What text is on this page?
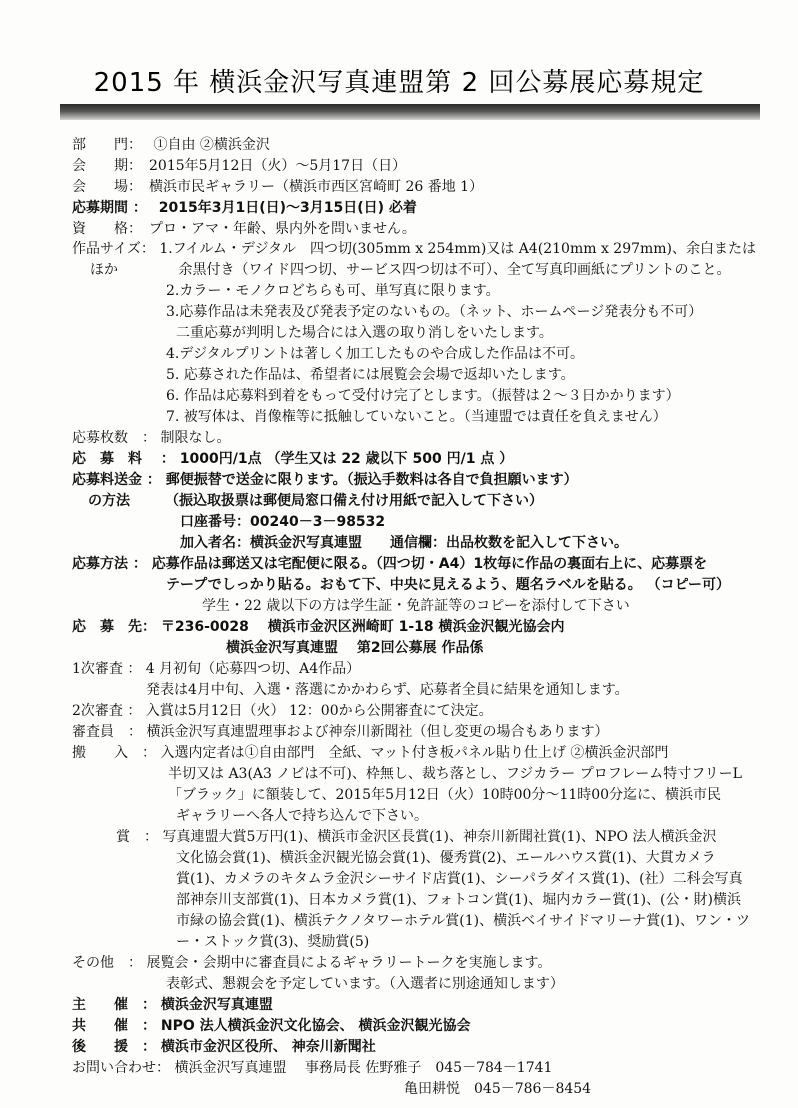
2015 年 横浜金沢写真連盟第 2 回公募展応募規定
部　　門：　 ①自由 ②横浜金沢
会　　期：　2015年5月12日（火）～5月17日（日）
会　　場：　横浜市民ギャラリー（横浜市西区宮崎町 26 番地 1）
応募期間 ：　 2015年3月1日(日)～3月15日(日) 必着
資　　格：　プロ・アマ・年齢、県内外を問いません。
作品サイズ： 1.フイルム・デジタル　四つ切(305mm x 254mm)又は A4(210mm x 297mm)、余白または
ほか　　　　 余黒付き（ワイド四つ切、サービス四つ切は不可）、全て写真印画紙にプリントのこと。
2.カラー・モノクロどちらも可、単写真に限ります。
3.応募作品は未発表及び発表予定のないもの。（ネット、ホームページ発表分も不可）
二重応募が判明した場合には入選の取り消しをいたします。
4.デジタルプリントは著しく加工したものや合成した作品は不可。
5. 応募された作品は、希望者には展覧会会場で返却いたします。
6. 作品は応募料到着をもって受付け完了とします。（振替は２～３日かかります）
7. 被写体は、肖像権等に抵触していないこと。（当連盟では責任を負えません）
応募枚数　： 制限なし。
応　募　料　 ： 1000円/1点 （学生又は 22 歳以下 500 円/1 点 ）
応募料送金 ： 郵便振替で送金に限ります。（振込手数料は各自で負担願います）
の方法　　　（振込取扱票は郵便局窓口備え付け用紙で記入して下さい）
口座番号：00240－3－98532
加入者名：横浜金沢写真連盟　　通信欄：出品枚数を記入して下さい。
応募方法 ： 応募作品は郵送又は宅配便に限る。（四つ切・A4）1枚毎に作品の裏面右上に、応募票を
テープでしっかり貼る。おもて下、中央に見えるよう、題名ラベルを貼る。 （コピー可）
学生・22 歳以下の方は学生証・免許証等のコピーを添付して下さい
応　募　先： 〒236-0028　 横浜市金沢区洲崎町 1-18 横浜金沢観光協会内
横浜金沢写真連盟　 第2回公募展 作品係
1次審査 ： 4 月初旬（応募四つ切、A4作品）
発表は4月中旬、入選・落選にかかわらず、応募者全員に結果を通知します。
2次審査 ： 入賞は5月12日（火） 12：00から公開審査にて決定。
審査員　： 横浜金沢写真連盟理事および神奈川新聞社（但し変更の場合もあります）
搬　　入　： 入選内定者は①自由部門　全紙、マット付き板パネル貼り仕上げ ②横浜金沢部門
半切又は A3(A3 ノビは不可)、枠無し、裁ち落とし、フジカラー プロフレーム特寸フリーL
「ブラック」に額装して、2015年5月12日（火）10時00分～11時00分迄に、横浜市民
ギャラリーへ各人で持ち込んで下さい。
賞　： 写真連盟大賞5万円(1)、横浜市金沢区長賞(1)、神奈川新聞社賞(1)、NPO 法人横浜金沢
文化協会賞(1)、横浜金沢観光協会賞(1)、優秀賞(2)、エールハウス賞(1)、大貫カメラ
賞(1)、カメラのキタムラ金沢シーサイド店賞(1)、シーパラダイス賞(1)、(社）二科会写真
部神奈川支部賞(1)、日本カメラ賞(1)、フォトコン賞(1)、堀内カラー賞(1)、(公・財)横浜
市緑の協会賞(1)、横浜テクノタワーホテル賞(1)、横浜ベイサイドマリーナ賞(1)、ワン・ツ
ー・ストック賞(3)、奨励賞(5)
その他　： 展覧会・会期中に審査員によるギャラリートークを実施します。
表彰式、懇親会を予定しています。（入選者に別途通知します）
主　　催　： 横浜金沢写真連盟
共　　催　： NPO 法人横浜金沢文化協会、 横浜金沢観光協会
後　　援　： 横浜市金沢区役所、 神奈川新聞社
お問い合わせ： 横浜金沢写真連盟　 事務局長 佐野雅子　045－784－1741
亀田耕悦　045－786－8454
